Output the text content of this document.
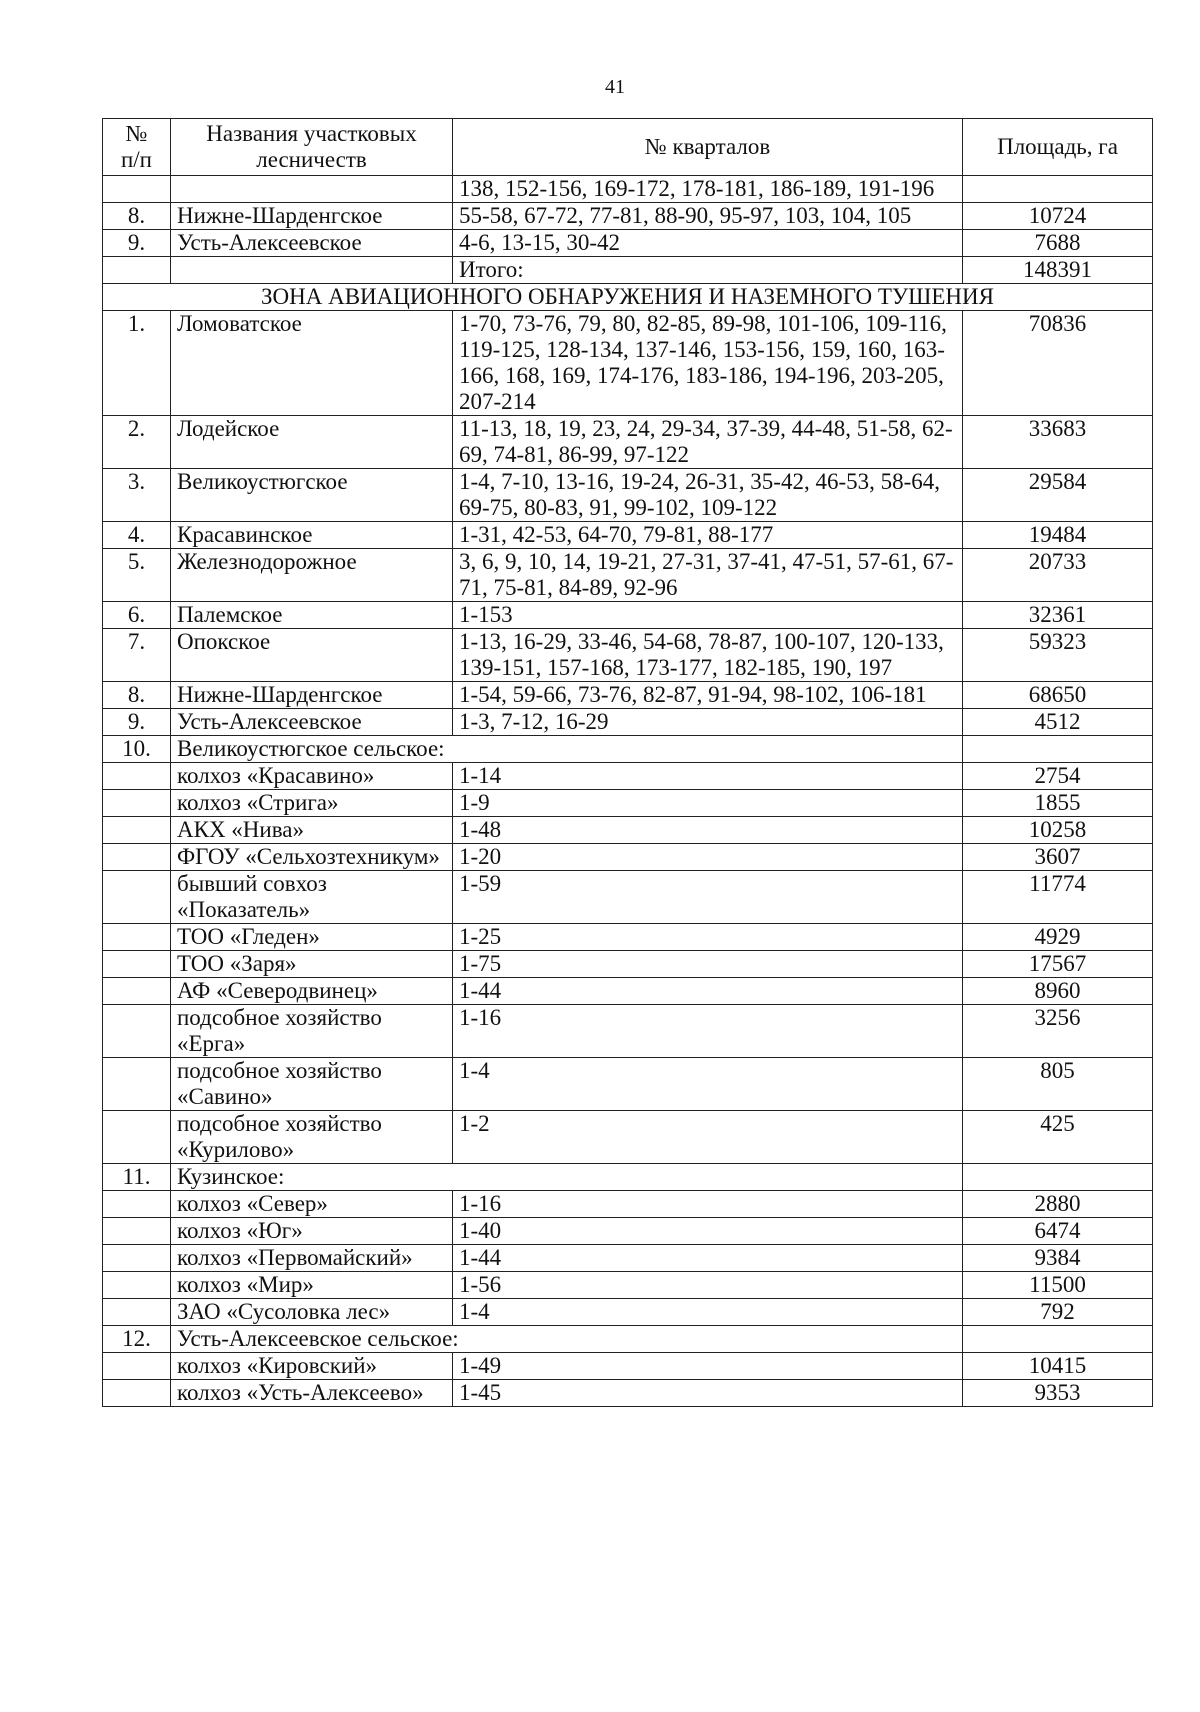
41
№
п/п	Названия участковых лесничеств	№ кварталов	Площадь, га
		138, 152-156, 169-172, 178-181, 186-189, 191-196	
8.	Нижне-Шарденгское	55-58, 67-72, 77-81, 88-90, 95-97, 103, 104, 105	10724
9.	Усть-Алексеевское	4-6, 13-15, 30-42	7688
		Итого:	148391
ЗОНА АВИАЦИОННОГО ОБНАРУЖЕНИЯ И НАЗЕМНОГО ТУШЕНИЯ			
1.	Ломоватское	1-70, 73-76, 79, 80, 82-85, 89-98, 101-106, 109-116, 119-125, 128-134, 137-146, 153-156, 159, 160, 163-166, 168, 169, 174-176, 183-186, 194-196, 203-205, 207-214	70836
2.	Лодейское	11-13, 18, 19, 23, 24, 29-34, 37-39, 44-48, 51-58, 62-69, 74-81, 86-99, 97-122	33683
3.	Великоустюгское	1-4, 7-10, 13-16, 19-24, 26-31, 35-42, 46-53, 58-64, 69-75, 80-83, 91, 99-102, 109-122	29584
4.	Красавинское	1-31, 42-53, 64-70, 79-81, 88-177	19484
5.	Железнодорожное	3, 6, 9, 10, 14, 19-21, 27-31, 37-41, 47-51, 57-61, 67-71, 75-81, 84-89, 92-96	20733
6.	Палемское	1-153	32361
7.	Опокское	1-13, 16-29, 33-46, 54-68, 78-87, 100-107, 120-133, 139-151, 157-168, 173-177, 182-185, 190, 197	59323
8.	Нижне-Шарденгское	1-54, 59-66, 73-76, 82-87, 91-94, 98-102, 106-181	68650
9.	Усть-Алексеевское	1-3, 7-12, 16-29	4512
10.	Великоустюгское сельское:		
	колхоз «Красавино»	1-14	2754
	колхоз «Стрига»	1-9	1855
	АКХ «Нива»	1-48	10258
	ФГОУ «Сельхозтехникум»	1-20	3607
	бывший совхоз «Показатель»	1-59	11774
	ТОО «Гледен»	1-25	4929
	ТОО «Заря»	1-75	17567
	АФ «Северодвинец»	1-44	8960
	подсобное хозяйство «Ерга»	1-16	3256
	подсобное хозяйство «Савино»	1-4	805
	подсобное хозяйство «Курилово»	1-2	425
11.	Кузинское:		
	колхоз «Север»	1-16	2880
	колхоз «Юг»	1-40	6474
	колхоз «Первомайский»	1-44	9384
	колхоз «Мир»	1-56	11500
	ЗАО «Сусоловка лес»	1-4	792
12.	Усть-Алексеевское сельское:		
	колхоз «Кировский»	1-49	10415
	колхоз «Усть-Алексеево»	1-45	9353
